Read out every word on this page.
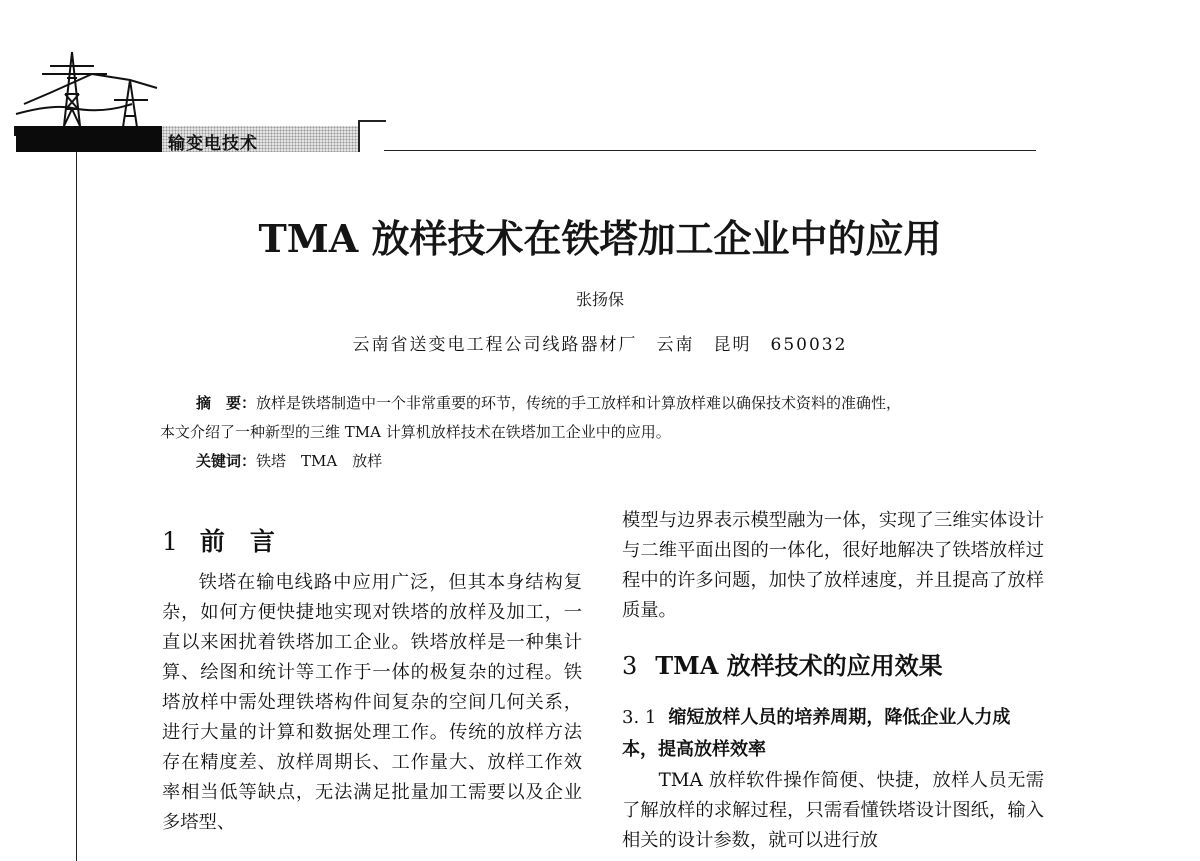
输变电技术
TMA 放样技术在铁塔加工企业中的应用
张扬保
云南省送变电工程公司线路器材厂　云南　昆明　650032

摘　要：放样是铁塔制造中一个非常重要的环节，传统的手工放样和计算放样难以确保技术资料的准确性，

本文介绍了一种新型的三维 TMA 计算机放样技术在铁塔加工企业中的应用。

关键词：铁塔　TMA　放样

1 前　言

铁塔在输电线路中应用广泛，但其本身结构复杂，如何方便快捷地实现对铁塔的放样及加工，一直以来困扰着铁塔加工企业。铁塔放样是一种集计算、绘图和统计等工作于一体的极复杂的过程。铁塔放样中需处理铁塔构件间复杂的空间几何关系，进行大量的计算和数据处理工作。传统的放样方法存在精度差、放样周期长、工作量大、放样工作效率相当低等缺点，无法满足批量加工需要以及企业多塔型、

模型与边界表示模型融为一体，实现了三维实体设计与二维平面出图的一体化，很好地解决了铁塔放样过程中的许多问题，加快了放样速度，并且提高了放样质量。

3 TMA 放样技术的应用效果
3. 1 缩短放样人员的培养周期，降低企业人力成本，提高放样效率

TMA 放样软件操作简便、快捷，放样人员无需了解放样的求解过程，只需看懂铁塔设计图纸，输入相关的设计参数，就可以进行放
